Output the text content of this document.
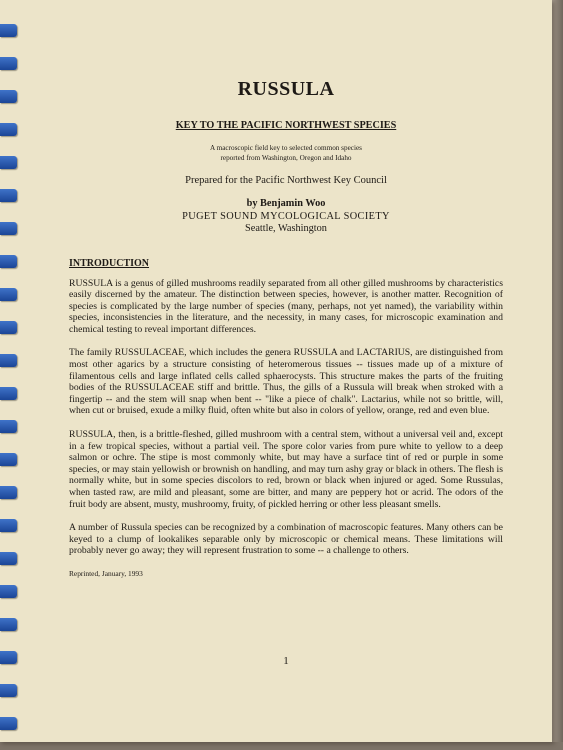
RUSSULA
KEY TO THE PACIFIC NORTHWEST SPECIES
A macroscopic field key to selected common species
reported from Washington, Oregon and Idaho
Prepared for the Pacific Northwest Key Council
by Benjamin Woo
PUGET SOUND MYCOLOGICAL SOCIETY
Seattle, Washington
INTRODUCTION

RUSSULA is a genus of gilled mushrooms readily separated from all other gilled mushrooms by characteristics easily discerned by the amateur. The distinction between species, however, is another matter. Recognition of species is complicated by the large number of species (many, perhaps, not yet named), the variability within species, inconsistencies in the literature, and the necessity, in many cases, for microscopic examination and chemical testing to reveal important differences.

The family RUSSULACEAE, which includes the genera RUSSULA and LACTARIUS, are distinguished from most other agarics by a structure consisting of heteromerous tissues -- tissues made up of a mixture of filamentous cells and large inflated cells called sphaerocysts. This structure makes the parts of the fruiting bodies of the RUSSULACEAE stiff and brittle. Thus, the gills of a Russula will break when stroked with a fingertip -- and the stem will snap when bent -- "like a piece of chalk". Lactarius, while not so brittle, will, when cut or bruised, exude a milky fluid, often white but also in colors of yellow, orange, red and even blue.

RUSSULA, then, is a brittle-fleshed, gilled mushroom with a central stem, without a universal veil and, except in a few tropical species, without a partial veil. The spore color varies from pure white to yellow to a deep salmon or ochre. The stipe is most commonly white, but may have a surface tint of red or purple in some species, or may stain yellowish or brownish on handling, and may turn ashy gray or black in others. The flesh is normally white, but in some species discolors to red, brown or black when injured or aged. Some Russulas, when tasted raw, are mild and pleasant, some are bitter, and many are peppery hot or acrid. The odors of the fruit body are absent, musty, mushroomy, fruity, of pickled herring or other less pleasant smells.

A number of Russula species can be recognized by a combination of macroscopic features. Many others can be keyed to a clump of lookalikes separable only by microscopic or chemical means. These limitations will probably never go away; they will represent frustration to some -- a challenge to others.

Reprinted, January, 1993
1
